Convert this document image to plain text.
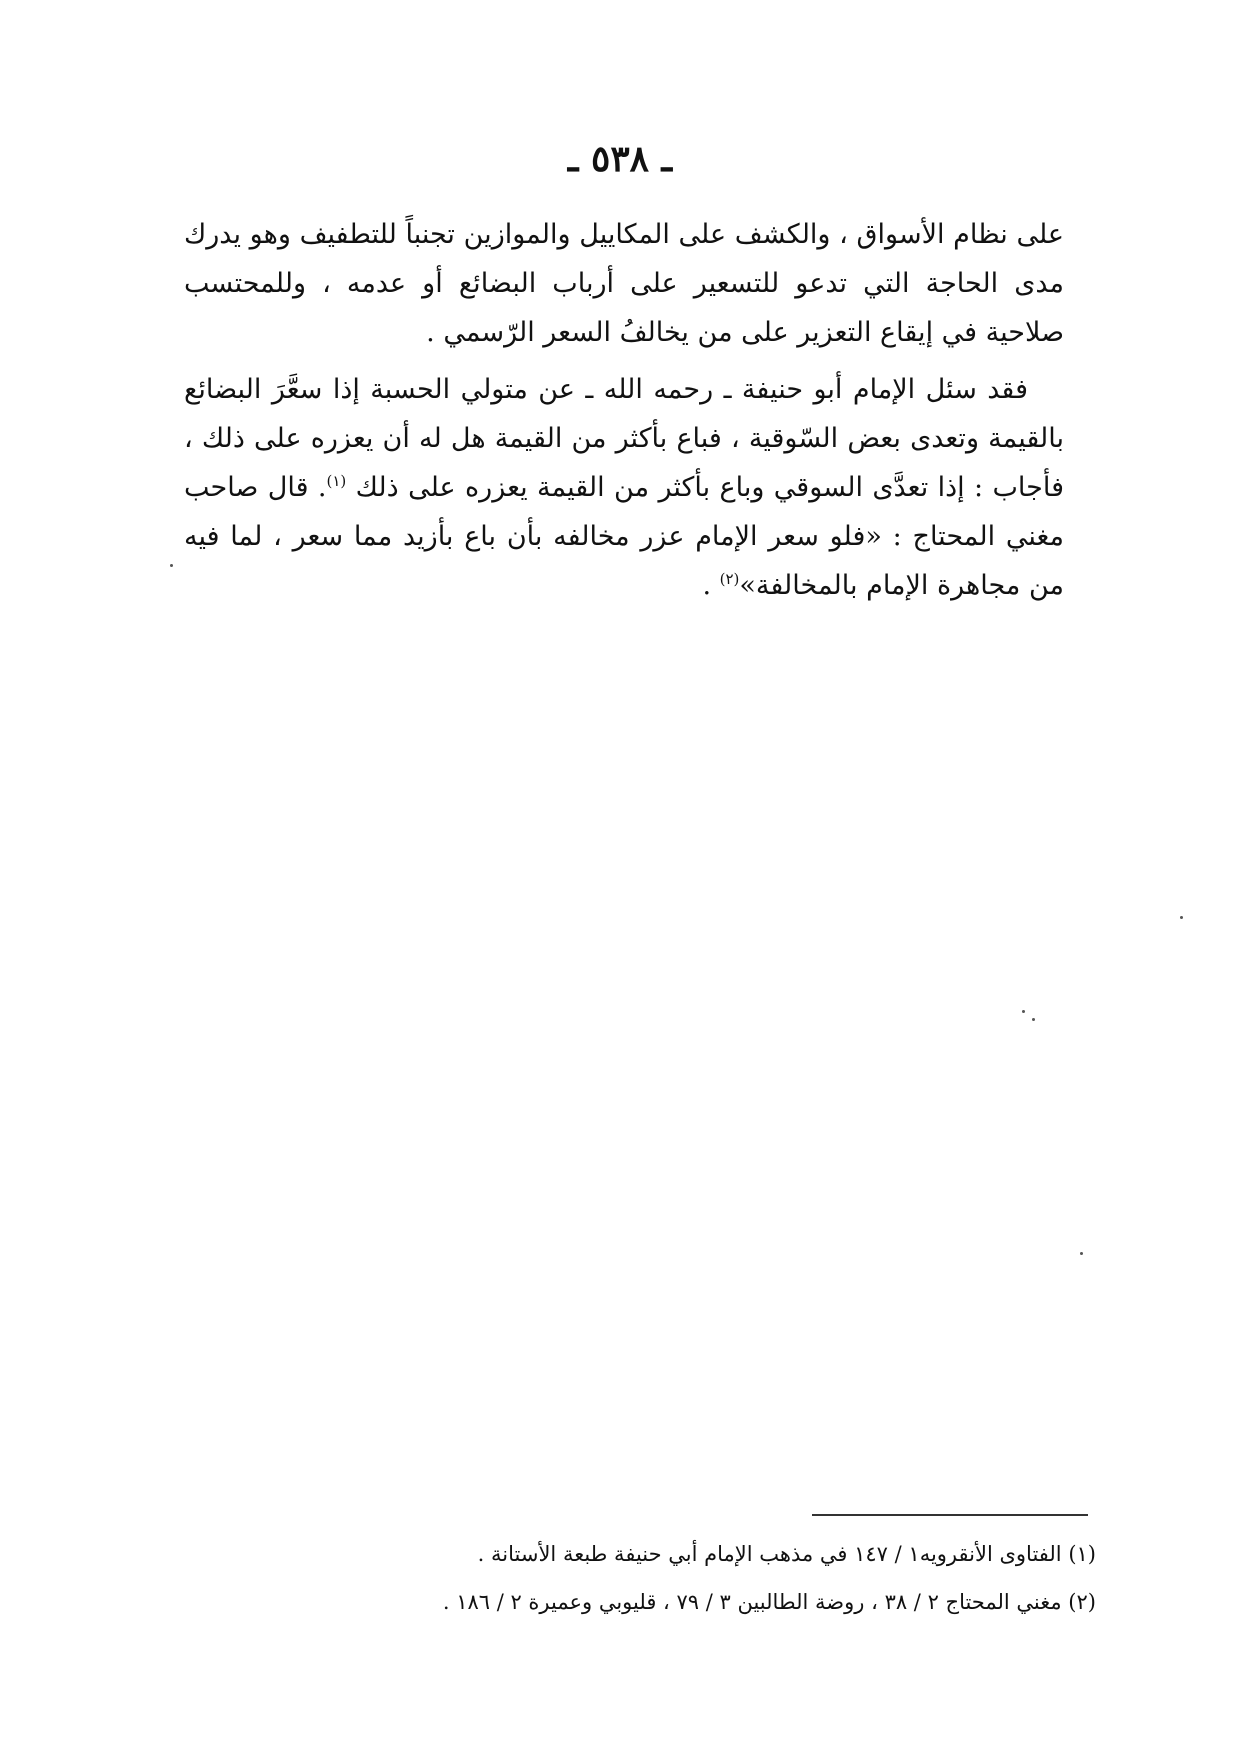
ـ ٥٣٨ ـ

على نظام الأسواق ، والكشف على المكاييل والموازين تجنباً للتطفيف وهو يدرك مدى الحاجة التي تدعو للتسعير على أرباب البضائع أو عدمه ، وللمحتسب صلاحية في إيقاع التعزير على من يخالفُ السعر الرّسمي .

فقد سئل الإمام أبو حنيفة ـ رحمه الله ـ عن متولي الحسبة إذا سعَّرَ البضائع بالقيمة وتعدى بعض السّوقية ، فباع بأكثر من القيمة هل له أن يعزره على ذلك ، فأجاب : إذا تعدَّى السوقي وباع بأكثر من القيمة يعزره على ذلك $^{(١)}$. قال صاحب مغني المحتاج : «فلو سعر الإمام عزر مخالفه بأن باع بأزيد مما سعر ، لما فيه من مجاهرة الإمام بالمخالفة»$^{(٢)}$ .

(١) الفتاوى الأنقرويه١ / ١٤٧ في مذهب الإمام أبي حنيفة طبعة الأستانة .

(٢) مغني المحتاج ٢ / ٣٨ ، روضة الطالبين ٣ / ٧٩ ، قليوبي وعميرة ٢ / ١٨٦ .
